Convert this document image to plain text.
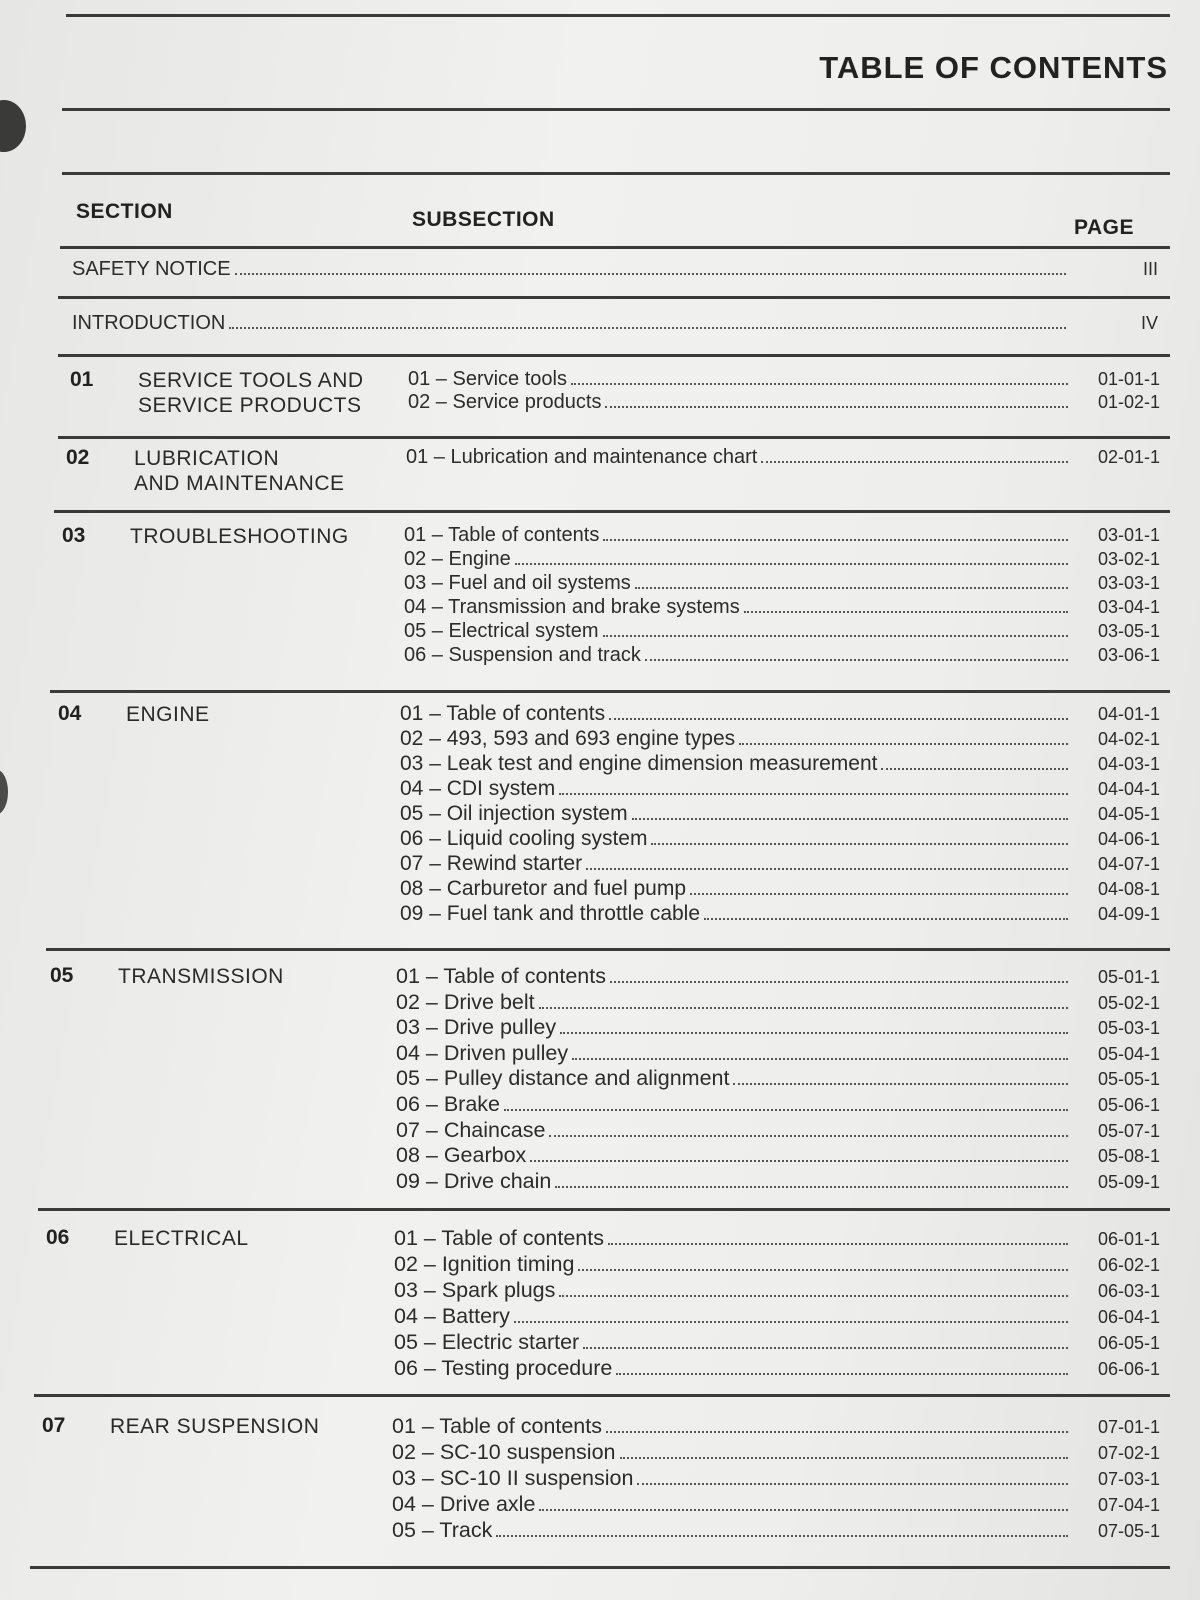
TABLE OF CONTENTS
SECTION	SUBSECTION	PAGE
SAFETY NOTICE	III
INTRODUCTION	IV
01 SERVICE TOOLS AND
SERVICE PRODUCTS
01 – Service tools	01-01-1
02 – Service products	01-02-1
02 LUBRICATION
AND MAINTENANCE
01 – Lubrication and maintenance chart	02-01-1
03 TROUBLESHOOTING	01 – Table of contents	03-01-1
02 – Engine	03-02-1
03 – Fuel and oil systems	03-03-1
04 – Transmission and brake systems	03-04-1
05 – Electrical system	03-05-1
06 – Suspension and track	03-06-1
04 ENGINE	01 – Table of contents	04-01-1
02 – 493, 593 and 693 engine types	04-02-1
03 – Leak test and engine dimension measurement	04-03-1
04 – CDI system	04-04-1
05 – Oil injection system	04-05-1
06 – Liquid cooling system	04-06-1
07 – Rewind starter	04-07-1
08 – Carburetor and fuel pump	04-08-1
09 – Fuel tank and throttle cable	04-09-1
05 TRANSMISSION	01 – Table of contents	05-01-1
02 – Drive belt	05-02-1
03 – Drive pulley	05-03-1
04 – Driven pulley	05-04-1
05 – Pulley distance and alignment	05-05-1
06 – Brake	05-06-1
07 – Chaincase	05-07-1
08 – Gearbox	05-08-1
09 – Drive chain	05-09-1
06 ELECTRICAL	01 – Table of contents	06-01-1
02 – Ignition timing	06-02-1
03 – Spark plugs	06-03-1
04 – Battery	06-04-1
05 – Electric starter	06-05-1
06 – Testing procedure	06-06-1
07 REAR SUSPENSION	01 – Table of contents	07-01-1
02 – SC-10 suspension	07-02-1
03 – SC-10 II suspension	07-03-1
04 – Drive axle	07-04-1
05 – Track	07-05-1
